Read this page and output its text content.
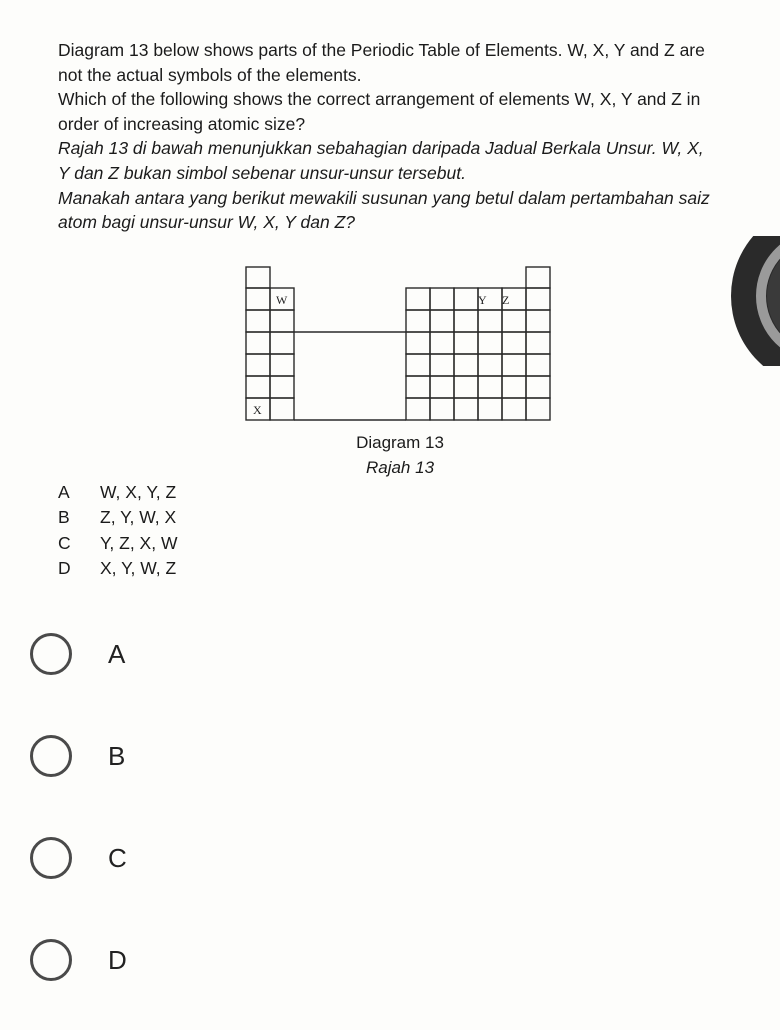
Diagram 13 below shows parts of the Periodic Table of Elements. W, X, Y and Z are

not the actual symbols of the elements.

Which of the following shows the correct arrangement of elements W, X, Y and Z in

order of increasing atomic size?

Rajah 13 di bawah menunjukkan sebahagian daripada Jadual Berkala Unsur. W, X,

Y dan Z bukan simbol sebenar unsur-unsur tersebut.

Manakah antara yang berikut mewakili susunan yang betul dalam pertambahan saiz

atom bagi unsur-unsur W, X, Y dan Z?

W
X
Y Z
Diagram 13
Rajah 13
A	W, X, Y, Z
B	Z, Y, W, X
C	Y, Z, X, W
D	X, Y, W, Z
A
B
C
D
